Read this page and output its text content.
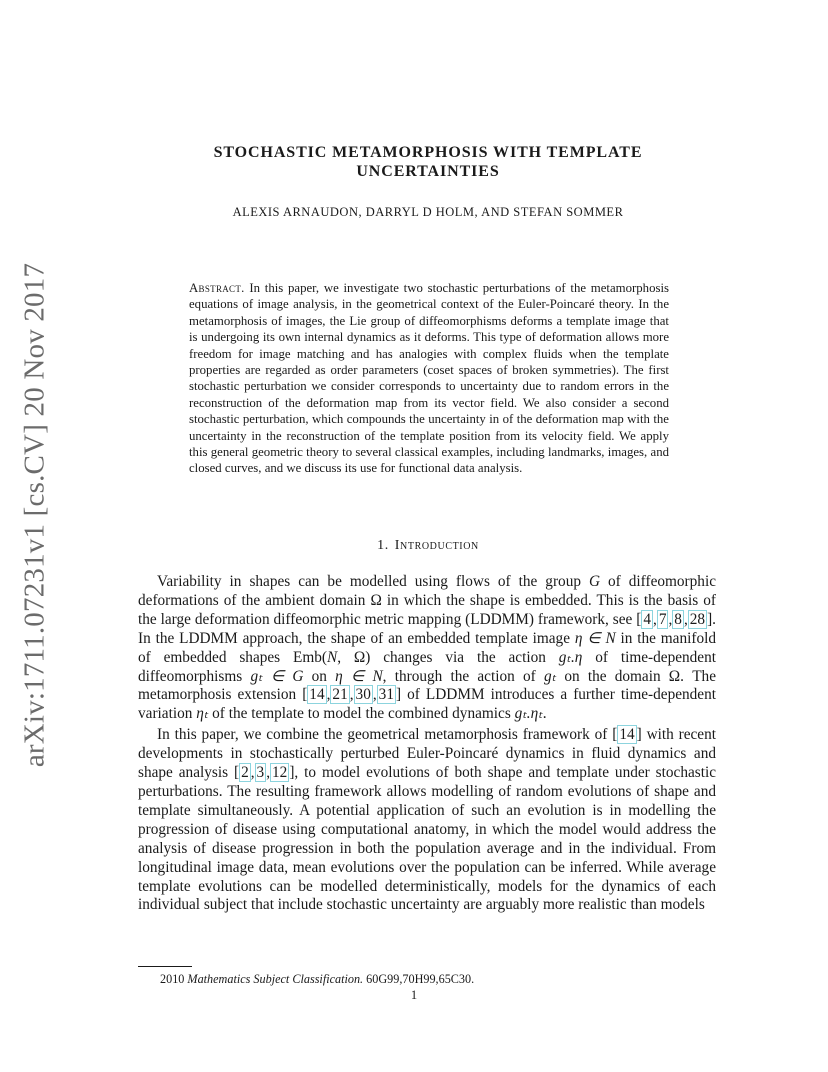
arXiv:1711.07231v1 [cs.CV] 20 Nov 2017
STOCHASTIC METAMORPHOSIS WITH TEMPLATE UNCERTAINTIES
ALEXIS ARNAUDON, DARRYL D HOLM, AND STEFAN SOMMER
Abstract. In this paper, we investigate two stochastic perturbations of the metamorphosis equations of image analysis, in the geometrical context of the Euler-Poincaré theory. In the metamorphosis of images, the Lie group of diffeomorphisms deforms a template image that is undergoing its own internal dynamics as it deforms. This type of deformation allows more freedom for image matching and has analogies with complex fluids when the template properties are regarded as order parameters (coset spaces of broken symmetries). The first stochastic perturbation we consider corresponds to uncertainty due to random errors in the reconstruction of the deformation map from its vector field. We also consider a second stochastic perturbation, which compounds the uncertainty in of the deformation map with the uncertainty in the reconstruction of the template position from its velocity field. We apply this general geometric theory to several classical examples, including landmarks, images, and closed curves, and we discuss its use for functional data analysis.
1. Introduction

Variability in shapes can be modelled using flows of the group G of diffeomorphic deformations of the ambient domain Ω in which the shape is embedded. This is the basis of the large deformation diffeomorphic metric mapping (LDDMM) framework, see [ 4 , 7 , 8 , 28 ]. In the LDDMM approach, the shape of an embedded template image η ∈ N in the manifold of embedded shapes Emb(N, Ω) changes via the action gₜ.η of time-dependent diffeomorphisms gₜ ∈ G on η ∈ N, through the action of gₜ on the domain Ω. The metamorphosis extension [ 14 , 21 , 30 , 31 ] of LDDMM introduces a further time-dependent variation ηₜ of the template to model the combined dynamics gₜ.ηₜ.

In this paper, we combine the geometrical metamorphosis framework of [ 14 ] with recent developments in stochastically perturbed Euler-Poincaré dynamics in fluid dynamics and shape analysis [ 2 , 3 , 12 ], to model evolutions of both shape and template under stochastic perturbations. The resulting framework allows modelling of random evolutions of shape and template simultaneously. A potential application of such an evolution is in modelling the progression of disease using computational anatomy, in which the model would address the analysis of disease progression in both the population average and in the individual. From longitudinal image data, mean evolutions over the population can be inferred. While average template evolutions can be modelled deterministically, models for the dynamics of each individual subject that include stochastic uncertainty are arguably more realistic than models

2010 Mathematics Subject Classification. 60G99,70H99,65C30.
1
